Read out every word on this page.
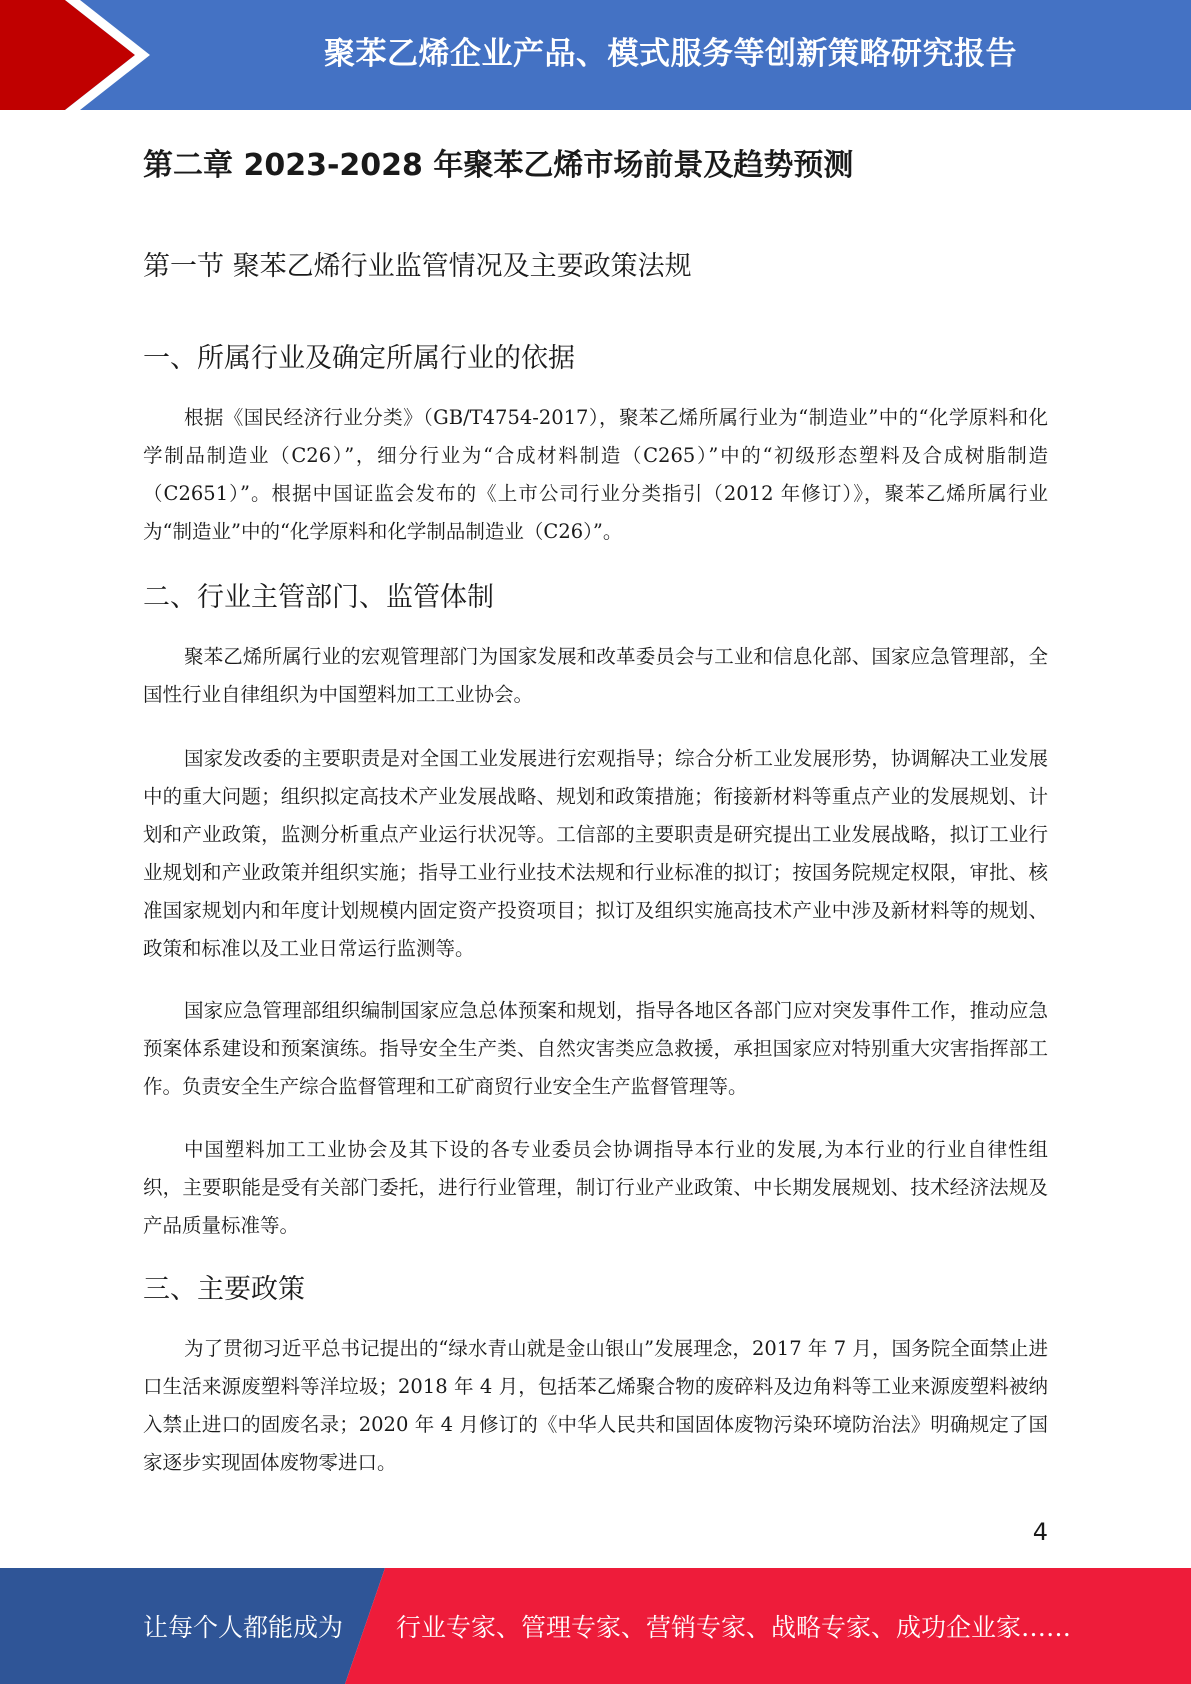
聚苯乙烯企业产品、模式服务等创新策略研究报告
第二章 2023-2028 年聚苯乙烯市场前景及趋势预测
第一节 聚苯乙烯行业监管情况及主要政策法规
一、所属行业及确定所属行业的依据

根据《国民经济行业分类》（GB/T4754-2017），聚苯乙烯所属行业为“制造业”中的“化学原料和化学制品制造业（C26）”，细分行业为“合成材料制造（C265）”中的“初级形态塑料及合成树脂制造（C2651）”。根据中国证监会发布的《上市公司行业分类指引（2012 年修订）》，聚苯乙烯所属行业为“制造业”中的“化学原料和化学制品制造业（C26）”。

二、行业主管部门、监管体制

聚苯乙烯所属行业的宏观管理部门为国家发展和改革委员会与工业和信息化部、国家应急管理部，全国性行业自律组织为中国塑料加工工业协会。

国家发改委的主要职责是对全国工业发展进行宏观指导；综合分析工业发展形势，协调解决工业发展中的重大问题；组织拟定高技术产业发展战略、规划和政策措施；衔接新材料等重点产业的发展规划、计划和产业政策，监测分析重点产业运行状况等。工信部的主要职责是研究提出工业发展战略，拟订工业行业规划和产业政策并组织实施；指导工业行业技术法规和行业标准的拟订；按国务院规定权限，审批、核准国家规划内和年度计划规模内固定资产投资项目；拟订及组织实施高技术产业中涉及新材料等的规划、政策和标准以及工业日常运行监测等。

国家应急管理部组织编制国家应急总体预案和规划，指导各地区各部门应对突发事件工作，推动应急预案体系建设和预案演练。指导安全生产类、自然灾害类应急救援，承担国家应对特别重大灾害指挥部工作。负责安全生产综合监督管理和工矿商贸行业安全生产监督管理等。

中国塑料加工工业协会及其下设的各专业委员会协调指导本行业的发展,为本行业的行业自律性组织，主要职能是受有关部门委托，进行行业管理，制订行业产业政策、中长期发展规划、技术经济法规及产品质量标准等。

三、主要政策

为了贯彻习近平总书记提出的“绿水青山就是金山银山”发展理念，2017 年 7 月，国务院全面禁止进口生活来源废塑料等洋垃圾；2018 年 4 月，包括苯乙烯聚合物的废碎料及边角料等工业来源废塑料被纳入禁止进口的固废名录；2020 年 4 月修订的《中华人民共和国固体废物污染环境防治法》明确规定了国家逐步实现固体废物零进口。

4
让每个人都能成为 行业专家、管理专家、营销专家、战略专家、成功企业家……
